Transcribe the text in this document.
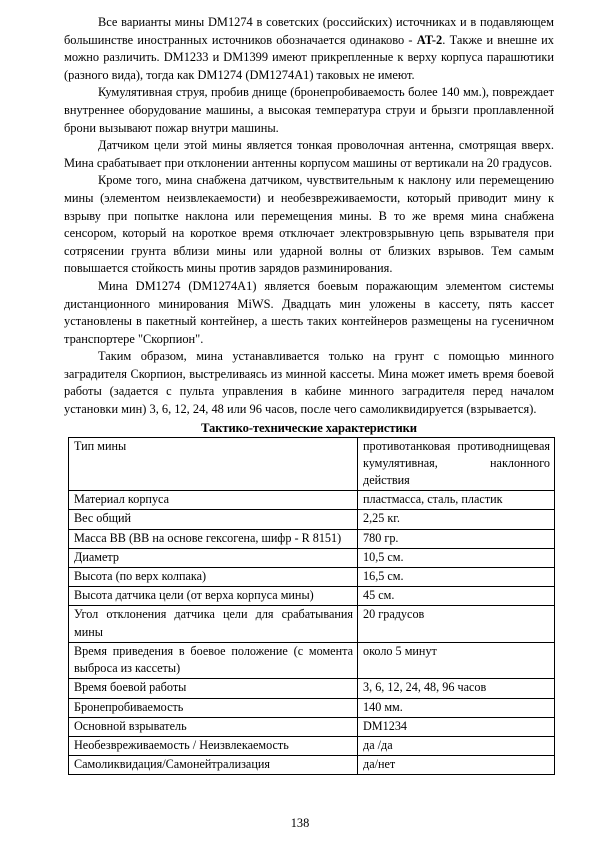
Все варианты мины DM1274 в советских (российских) источниках и в подавляющем большинстве иностранных источников обозначается одинаково - AT-2. Также и внешне их можно различить. DM1233 и DM1399 имеют прикрепленные к верху корпуса парашютики (разного вида), тогда как DM1274 (DM1274A1) таковых не имеют.

Кумулятивная струя, пробив днище (бронепробиваемость более 140 мм.), повреждает внутреннее оборудование машины, а высокая температура струи и брызги проплавленной брони вызывают пожар внутри машины.

Датчиком цели этой мины является тонкая проволочная антенна, смотрящая вверх. Мина срабатывает при отклонении антенны корпусом машины от вертикали на 20 градусов.

Кроме того, мина снабжена датчиком, чувствительным к наклону или перемещению мины (элементом неизвлекаемости) и необезвреживаемости, который приводит мину к взрыву при попытке наклона или перемещения мины. В то же время мина снабжена сенсором, который на короткое время отключает электровзрывную цепь взрывателя при сотрясении грунта вблизи мины или ударной волны от близких взрывов. Тем самым повышается стойкость мины против зарядов разминирования.

Мина DM1274 (DM1274A1) является боевым поражающим элементом системы дистанционного минирования MiWS. Двадцать мин уложены в кассету, пять кассет установлены в пакетный контейнер, а шесть таких контейнеров размещены на гусеничном транспортере "Скорпион".

Таким образом, мина устанавливается только на грунт с помощью минного заградителя Скорпион, выстреливаясь из минной кассеты. Мина может иметь время боевой работы (задается с пульта управления в кабине минного заградителя перед началом установки мин) 3, 6, 12, 24, 48 или 96 часов, после чего самоликвидируется (взрывается).

Тактико-технические характеристики
Тип мины	противотанковая противоднищевая кумулятивная, наклонного действия
Материал корпуса	пластмасса, сталь, пластик
Вес общий	2,25 кг.
Масса ВВ (ВВ на основе гексогена, шифр - R 8151)	780 гр.
Диаметр	10,5 см.
Высота (по верх колпака)	16,5 см.
Высота датчика цели (от верха корпуса мины)	45 см.
Угол отклонения датчика цели для срабатывания мины	20 градусов
Время приведения в боевое положение (с момента выброса из кассеты)	около 5 минут
Время боевой работы	3, 6, 12, 24, 48, 96 часов
Бронепробиваемость	140 мм.
Основной взрыватель	DM1234
Необезвреживаемость / Неизвлекаемость	да /да
Самоликвидация/Самонейтрализация	да/нет
138
